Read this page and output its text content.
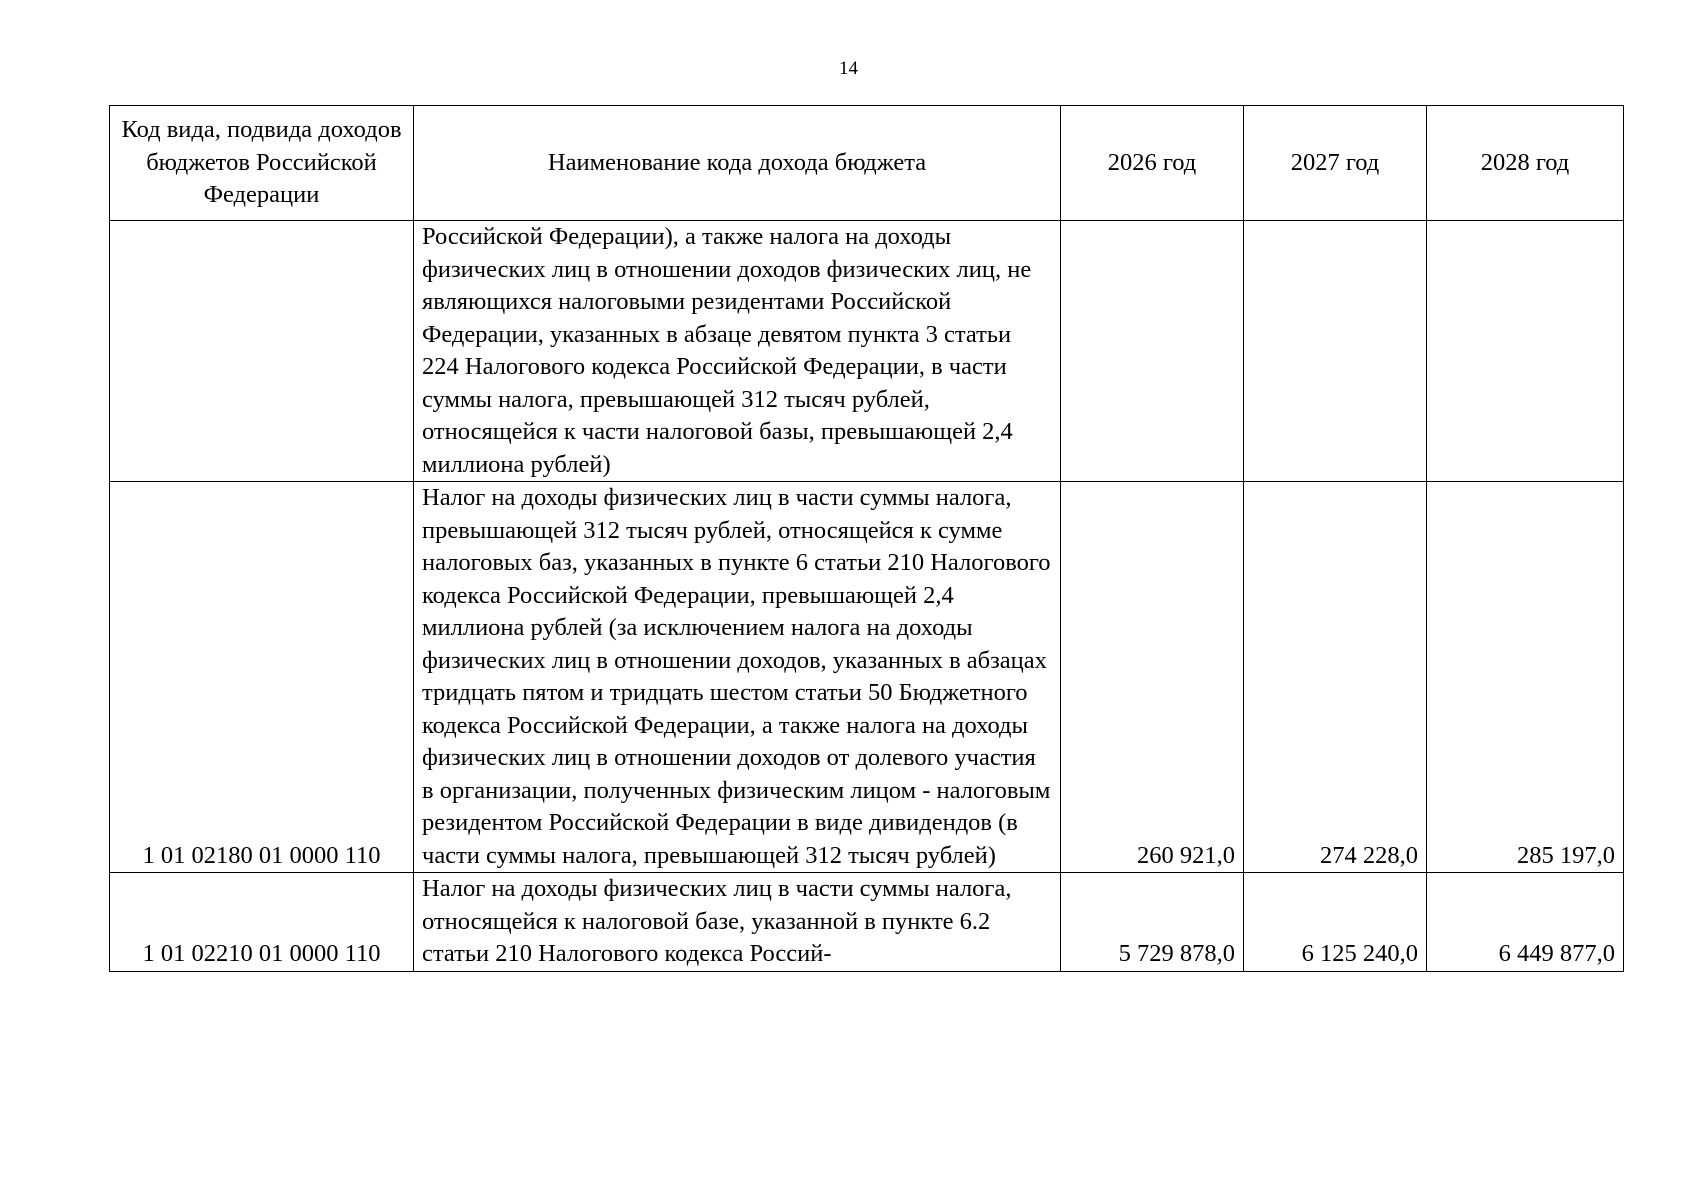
14
Код вида, подвида доходов бюджетов Российской Федерации	Наименование кода дохода бюджета	2026 год	2027 год	2028 год
	Российской Федерации), а также налога на доходы физических лиц в отношении доходов физических лиц, не являющихся налоговыми резидентами Российской Федерации, указанных в абзаце девятом пункта 3 статьи 224 Налогового кодекса Российской Федерации, в части суммы налога, превышающей 312 тысяч рублей, относящейся к части налоговой базы, превышающей 2,4 миллиона рублей)			
1 01 02180 01 0000 110	Налог на доходы физических лиц в части суммы налога, превышающей 312 тысяч рублей, относящейся к сумме налоговых баз, указанных в пункте 6 статьи 210 Налогового кодекса Российской Федерации, превышающей 2,4 миллиона рублей (за исключением налога на доходы физических лиц в отношении доходов, указанных в абзацах тридцать пятом и тридцать шестом статьи 50 Бюджетного кодекса Российской Федерации, а также налога на доходы физических лиц в отношении доходов от долевого участия в организации, полученных физическим лицом - налоговым резидентом Российской Федерации в виде дивидендов (в части суммы налога, превышающей 312 тысяч рублей)	260 921,0	274 228,0	285 197,0
1 01 02210 01 0000 110	Налог на доходы физических лиц в части суммы налога, относящейся к налоговой базе, указанной в пункте 6.2 статьи 210 Налогового кодекса Россий-	5 729 878,0	6 125 240,0	6 449 877,0
